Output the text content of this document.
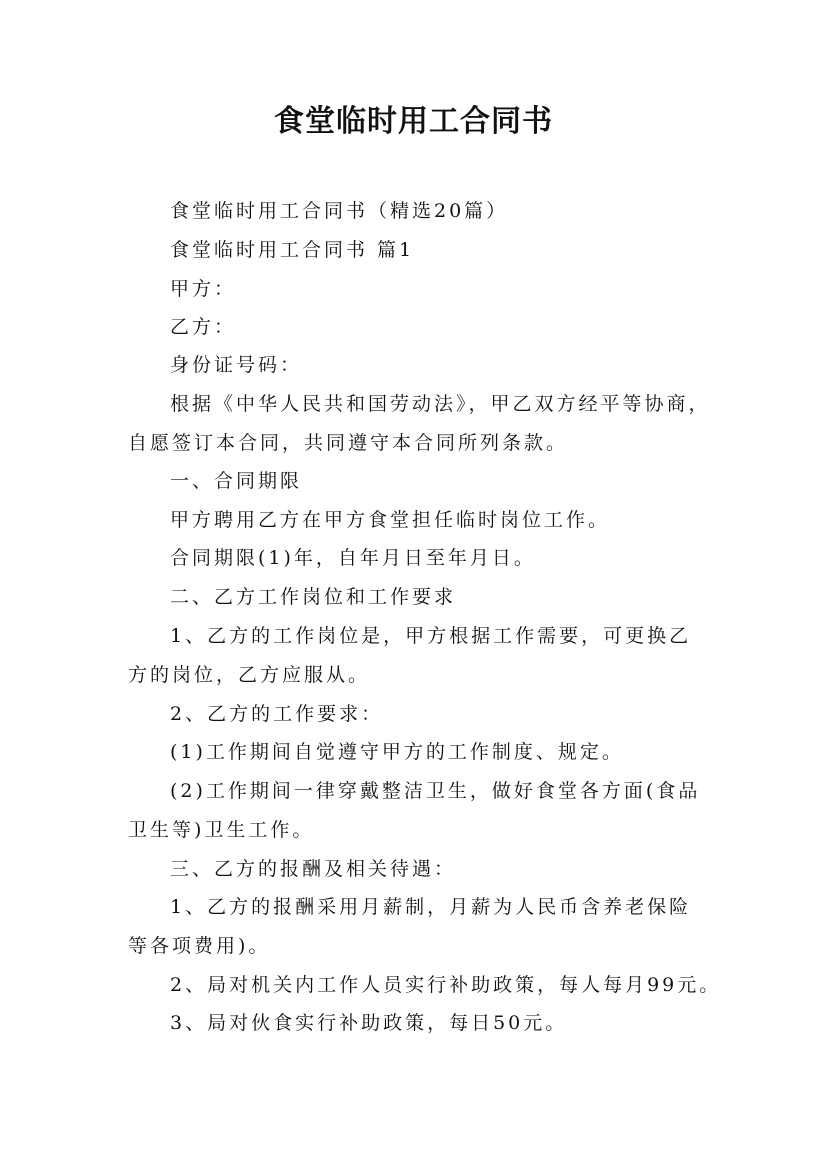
食堂临时用工合同书
食堂临时用工合同书（精选20篇）
食堂临时用工合同书 篇1
甲方：
乙方：
身份证号码：
根据《中华人民共和国劳动法》，甲乙双方经平等协商，
自愿签订本合同，共同遵守本合同所列条款。
一、合同期限
甲方聘用乙方在甲方食堂担任临时岗位工作。
合同期限(1)年，自年月日至年月日。
二、乙方工作岗位和工作要求
1、乙方的工作岗位是，甲方根据工作需要，可更换乙
方的岗位，乙方应服从。
2、乙方的工作要求：
(1)工作期间自觉遵守甲方的工作制度、规定。
(2)工作期间一律穿戴整洁卫生，做好食堂各方面(食品
卫生等)卫生工作。
三、乙方的报酬及相关待遇：
1、乙方的报酬采用月薪制，月薪为人民币含养老保险
等各项费用)。
2、局对机关内工作人员实行补助政策，每人每月99元。
3、局对伙食实行补助政策，每日50元。
